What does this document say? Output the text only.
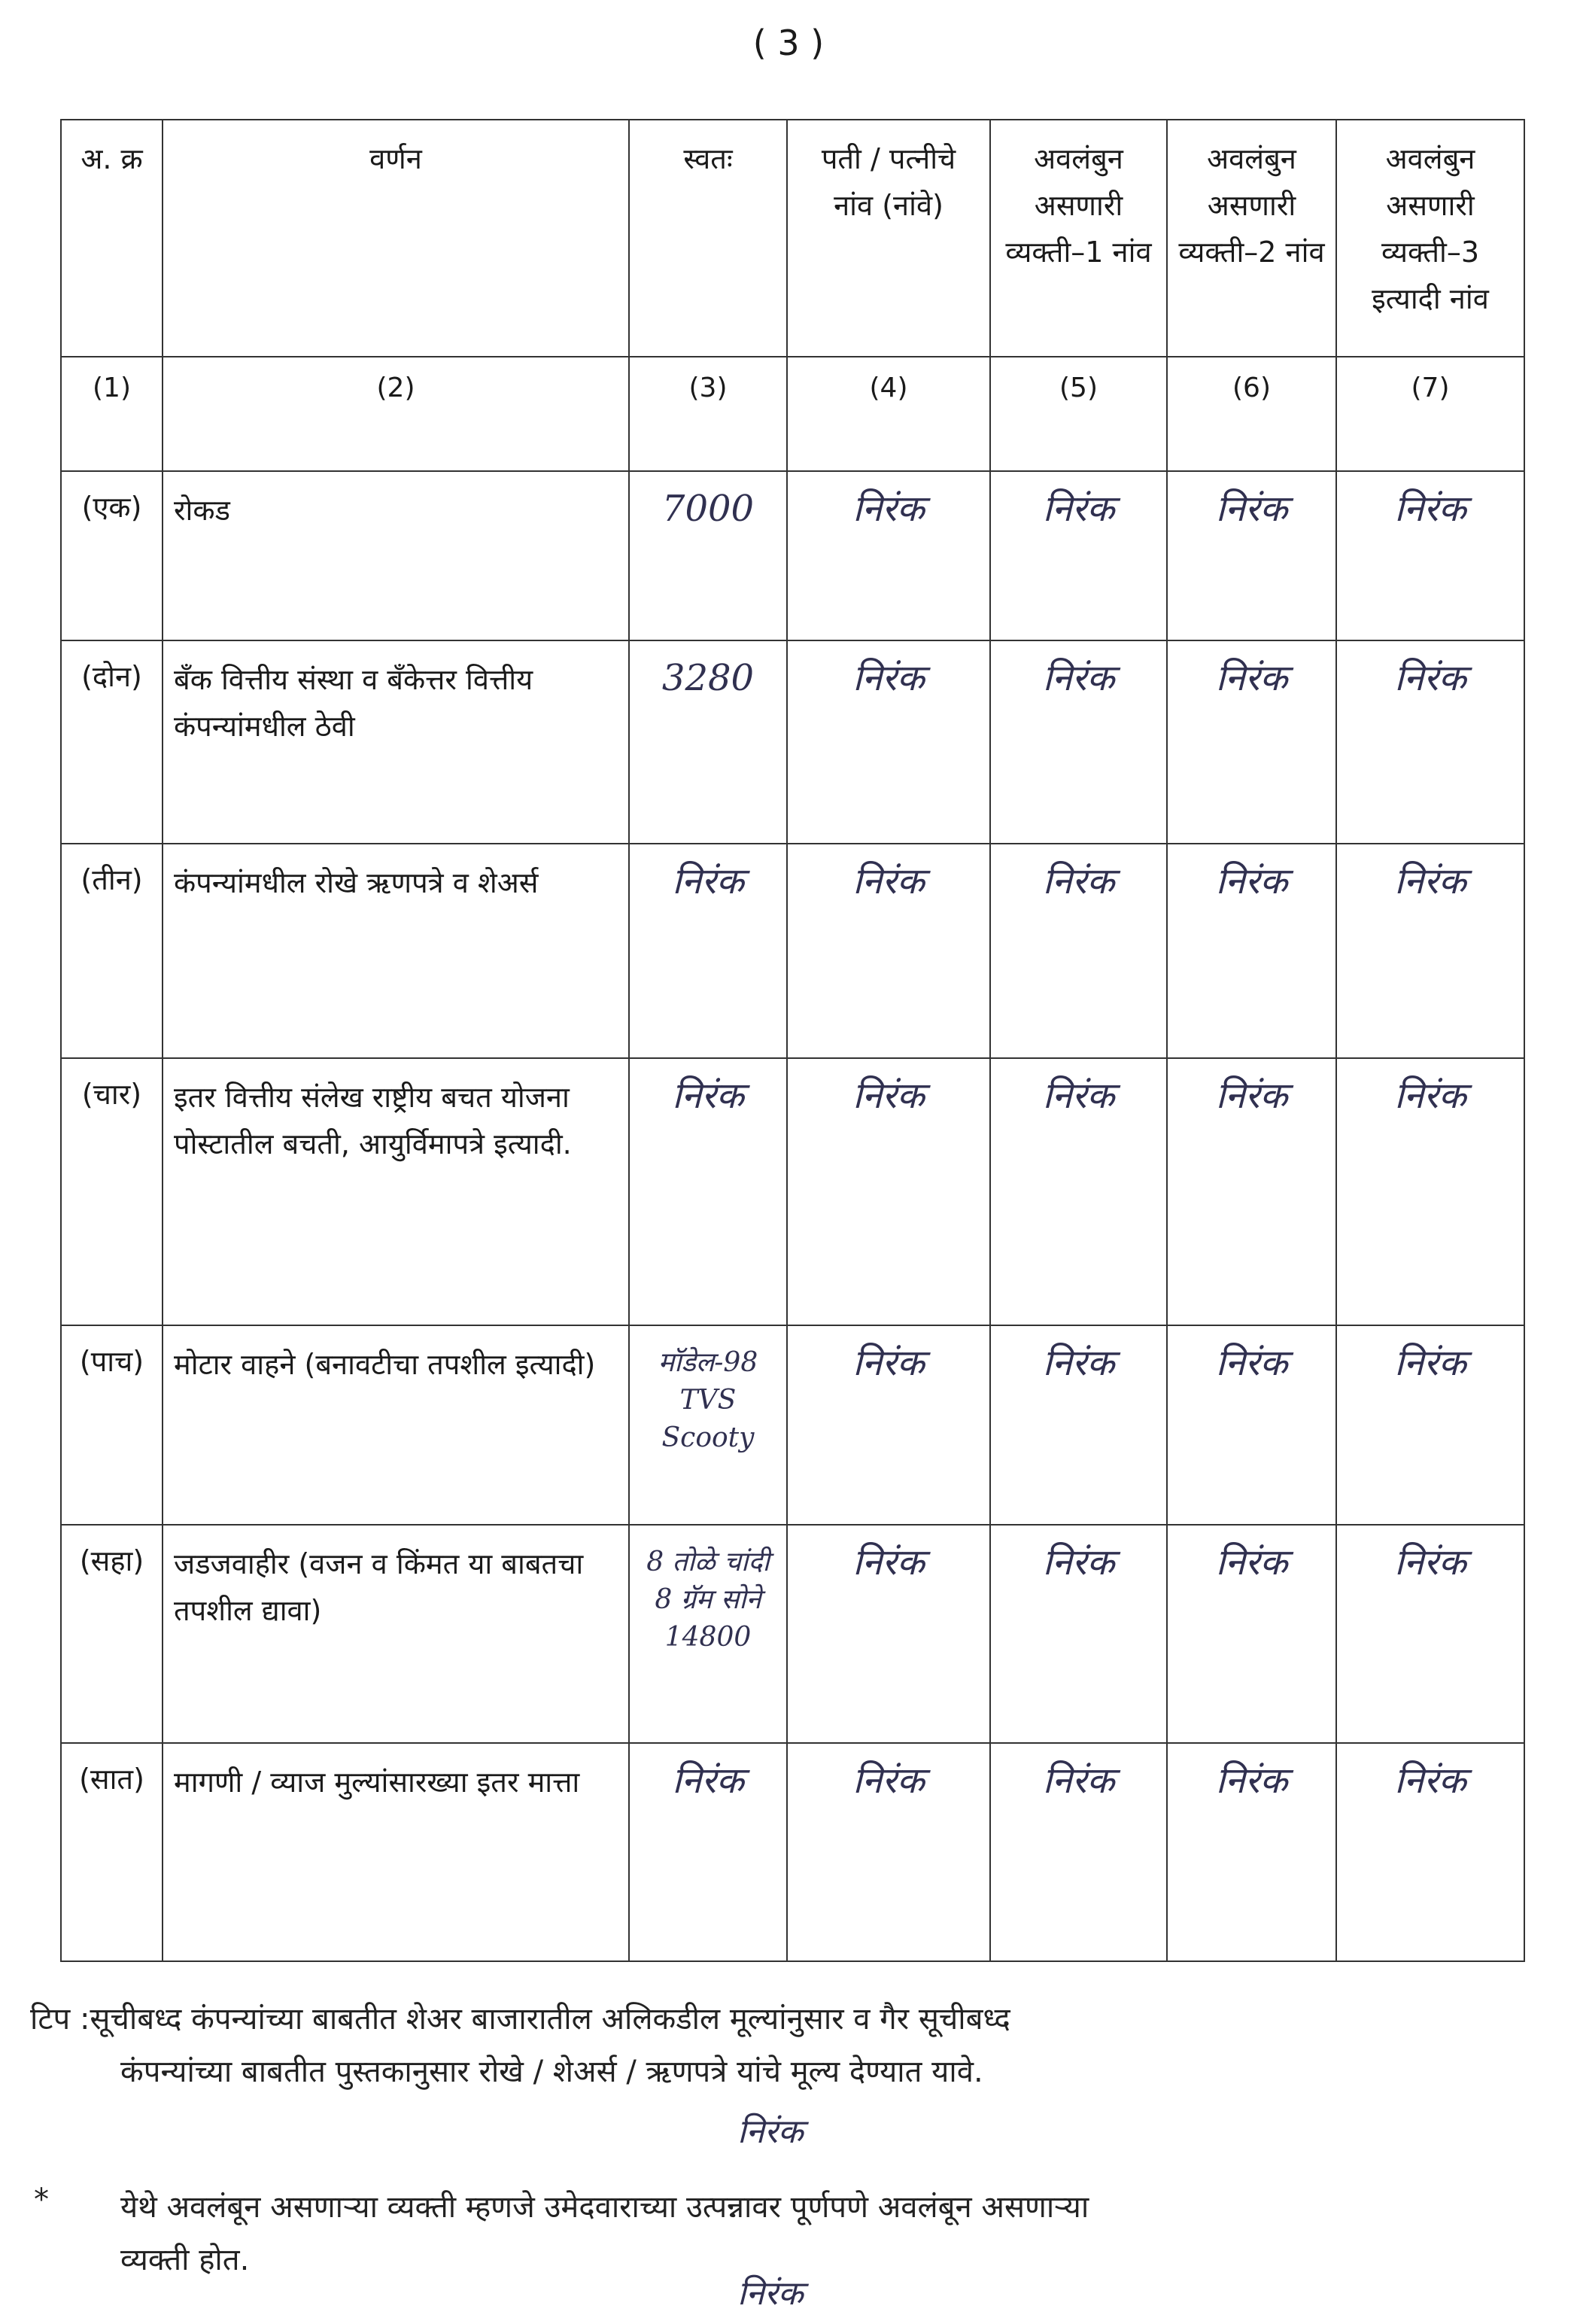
( 3 )
अ. क्र	वर्णन	स्वतः	पती / पत्नीचे नांव (नांवे)	अवलंबुन असणारी व्यक्ती–1 नांव	अवलंबुन असणारी व्यक्ती–2 नांव	अवलंबुन असणारी व्यक्ती–3 इत्यादी नांव
(1)	(2)	(3)	(4)	(5)	(6)	(7)
(एक)	रोकड	7000	निरंक	निरंक	निरंक	निरंक
(दोन)	बँक वित्तीय संस्था व बँकेत्तर वित्तीय कंपन्यांमधील ठेवी	3280	निरंक	निरंक	निरंक	निरंक
(तीन)	कंपन्यांमधील रोखे ऋणपत्रे व शेअर्स	निरंक	निरंक	निरंक	निरंक	निरंक
(चार)	इतर वित्तीय संलेख राष्ट्रीय बचत योजना पोस्टातील बचती, आयुर्विमापत्रे इत्यादी.	निरंक	निरंक	निरंक	निरंक	निरंक
(पाच)	मोटार वाहने (बनावटीचा तपशील इत्यादी)	मॉडेल-98
TVS
Scooty	निरंक	निरंक	निरंक	निरंक
(सहा)	जडजवाहीर (वजन व किंमत या बाबतचा तपशील द्यावा)	8 तोळे चांदी
8 ग्रॅम सोने
14800	निरंक	निरंक	निरंक	निरंक
(सात)	मागणी / व्याज मुल्यांसारख्या इतर मात्ता	निरंक	निरंक	निरंक	निरंक	निरंक
टिप :सूचीबध्द कंपन्यांच्या बाबतीत शेअर बाजारातील अलिकडील मूल्यांनुसार व गैर सूचीबध्द
कंपन्यांच्या बाबतीत पुस्तकानुसार रोखे / शेअर्स / ऋणपत्रे यांचे मूल्य देण्यात यावे.
निरंक
* येथे अवलंबून असणाऱ्या व्यक्ती म्हणजे उमेदवाराच्या उत्पन्नावर पूर्णपणे अवलंबून असणाऱ्या
व्यक्ती होत.
निरंक
